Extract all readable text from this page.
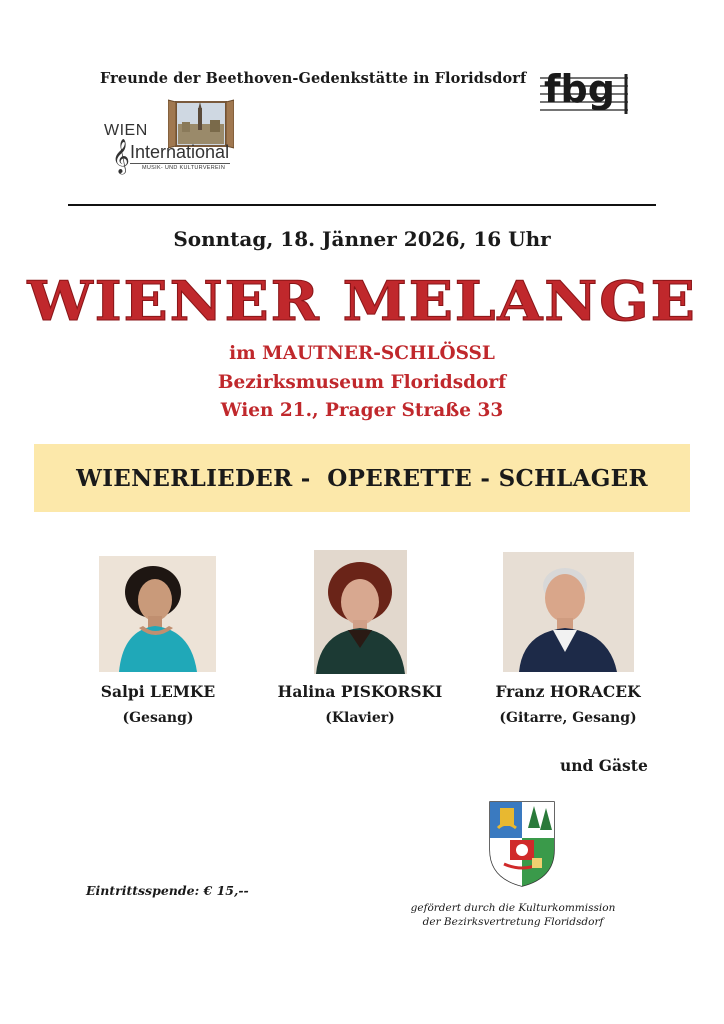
Freunde der Beethoven-Gedenkstätte in Floridsdorf fbg
WIEN
𝄞 International
MUSIK- UND KULTURVEREIN
Sonntag, 18. Jänner 2026, 16 Uhr
WIENER MELANGE
im MAUTNER-SCHLÖSSL
Bezirksmuseum Floridsdorf
Wien 21., Prager Straße 33
WIENERLIEDER -  OPERETTE - SCHLAGER
Salpi LEMKE
(Gesang)
Halina PISKORSKI
(Klavier)
Franz HORACEK
(Gitarre, Gesang)
und Gäste
Eintrittsspende: € 15,--
gefördert durch die Kulturkommission
der Bezirksvertretung Floridsdorf
